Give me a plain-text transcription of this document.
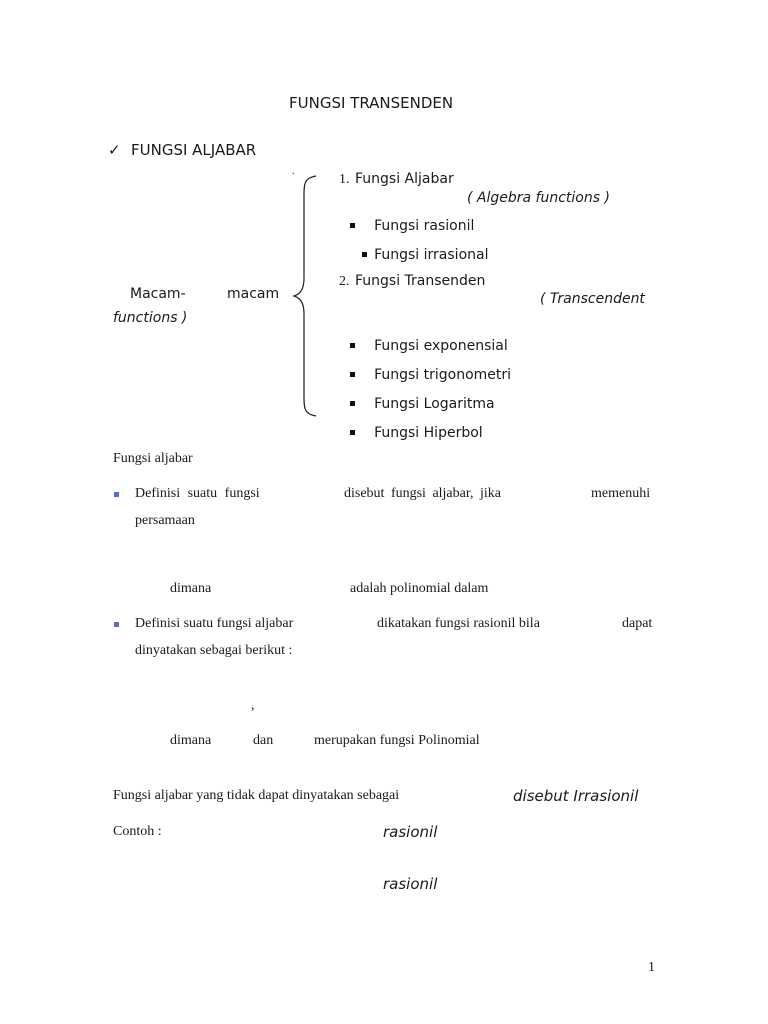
FUNGSI TRANSENDEN
✓ FUNGSI ALJABAR
.
Macam-	macam
functions )
1. Fungsi Aljabar
( Algebra functions )
Fungsi rasionil
Fungsi irrasional
2. Fungsi Transenden
( Transcendent
Fungsi exponensial
Fungsi trigonometri
Fungsi Logaritma
Fungsi Hiperbol
Fungsi aljabar
Definisi suatu fungsi	disebut fungsi aljabar, jika	memenuhi
persamaan
dimana	adalah polinomial dalam
Definisi suatu fungsi aljabar	dikatakan fungsi rasionil bila	dapat
dinyatakan sebagai berikut :
,
dimana	dan	merupakan fungsi Polinomial
Fungsi aljabar yang tidak dapat dinyatakan sebagai	disebut Irrasionil
Contoh :	rasionil
rasionil
1
